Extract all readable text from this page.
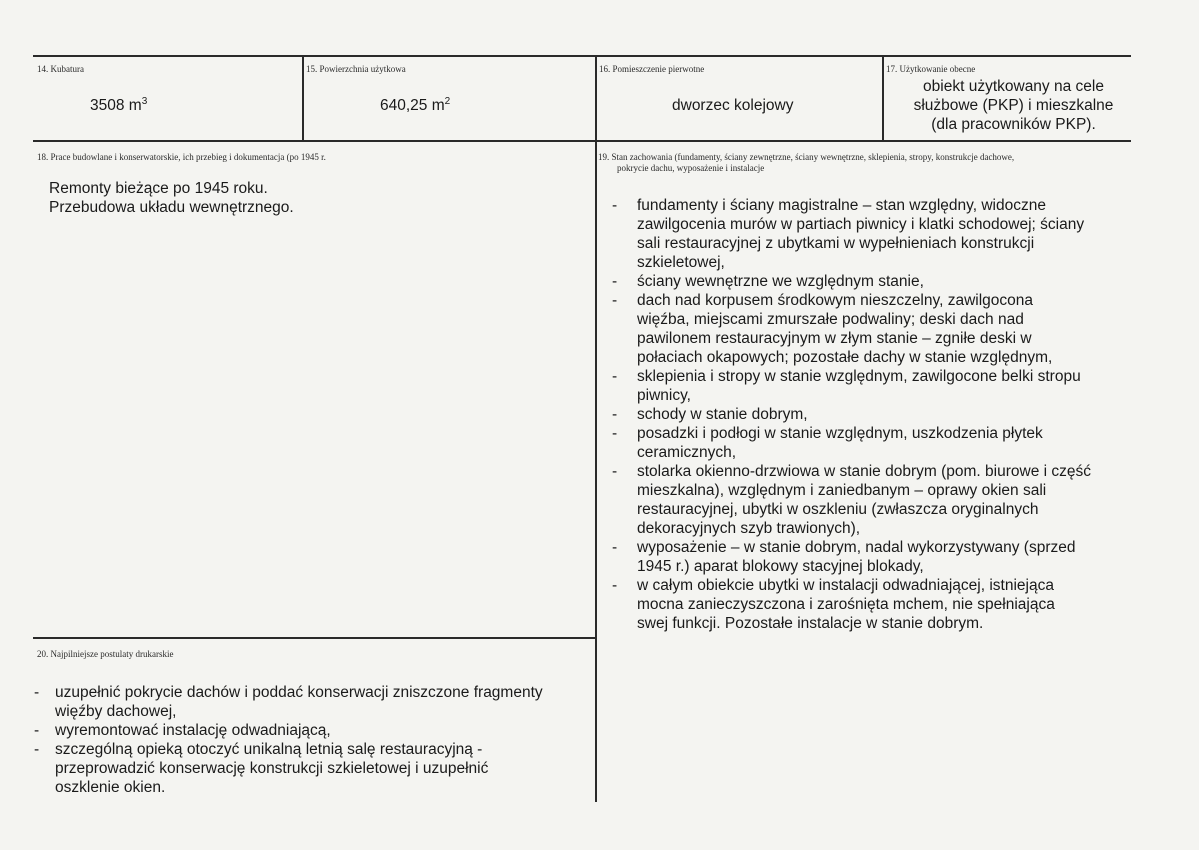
14. Kubatura
3508 $m^3$
15. Powierzchnia użytkowa
640,25 $m^2$
16. Pomieszczenie pierwotne
dworzec kolejowy
17. Użytkowanie obecne
obiekt użytkowany na cele
służbowe (PKP) i mieszkalne
(dla pracowników PKP).
18. Prace budowlane i konserwatorskie, ich przebieg i dokumentacja (po 1945 r.
Remonty bieżące po 1945 roku.
Przebudowa układu wewnętrznego.
19. Stan zachowania (fundamenty, ściany zewnętrzne, ściany wewnętrzne, sklepienia, stropy, konstrukcje dachowe,
pokrycie dachu, wyposażenie i instalacje
- fundamenty i ściany magistralne – stan względny, widoczne
zawilgocenia murów w partiach piwnicy i klatki schodowej; ściany
sali restauracyjnej z ubytkami w wypełnieniach konstrukcji
szkieletowej,
- ściany wewnętrzne we względnym stanie,
- dach nad korpusem środkowym nieszczelny, zawilgocona
więźba, miejscami zmurszałe podwaliny; deski dach nad
pawilonem restauracyjnym w złym stanie – zgniłe deski w
połaciach okapowych; pozostałe dachy w stanie względnym,
- sklepienia i stropy w stanie względnym, zawilgocone belki stropu
piwnicy,
- schody w stanie dobrym,
- posadzki i podłogi w stanie względnym, uszkodzenia płytek
ceramicznych,
- stolarka okienno-drzwiowa w stanie dobrym (pom. biurowe i część
mieszkalna), względnym i zaniedbanym – oprawy okien sali
restauracyjnej, ubytki w oszkleniu (zwłaszcza oryginalnych
dekoracyjnych szyb trawionych),
- wyposażenie – w stanie dobrym, nadal wykorzystywany (sprzed
1945 r.) aparat blokowy stacyjnej blokady,
- w całym obiekcie ubytki w instalacji odwadniającej, istniejąca
mocna zanieczyszczona i zarośnięta mchem, nie spełniająca
swej funkcji. Pozostałe instalacje w stanie dobrym.
20. Najpilniejsze postulaty drukarskie
- uzupełnić pokrycie dachów i poddać konserwacji zniszczone fragmenty
więźby dachowej,
- wyremontować instalację odwadniającą,
- szczególną opieką otoczyć unikalną letnią salę restauracyjną -
przeprowadzić konserwację konstrukcji szkieletowej i uzupełnić
oszklenie okien.
